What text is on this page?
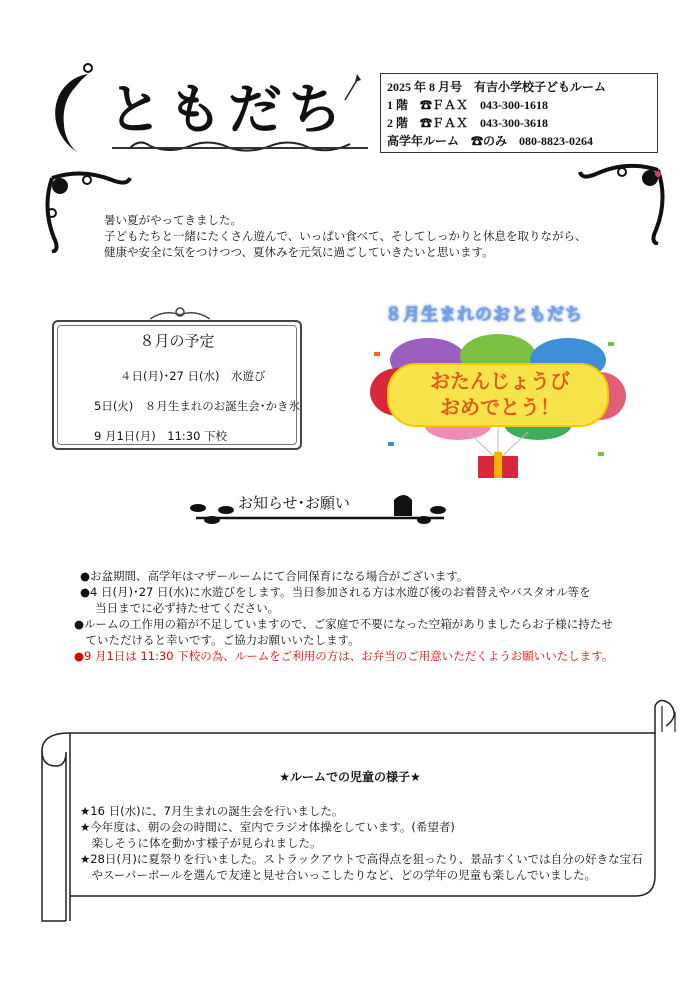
★
ともだち	2025 年 8 月号　有吉小学校子どもルーム
1 階　☎ＦＡＸ　043-300-1618
2 階　☎ＦＡＸ　043-300-3618
高学年ルーム　☎のみ　080-8823-0264
暑い夏がやってきました。
子どもたちと一緒にたくさん遊んで、いっぱい食べて、そしてしっかりと休息を取りながら、
健康や安全に気をつけつつ、夏休みを元気に過ごしていきたいと思います。
８月の予定
４日(月)･27 日(水)　水遊び
5日(火)　８月生まれのお誕生会･かき氷
9 月1日(月)　11:30 下校
８月生まれのおともだち
おたんじょうび
おめでとう！
お知らせ･お願い
●お盆期間、高学年はマザールームにて合同保育になる場合がございます。
●4 日(月)･27 日(水)に水遊びをします。当日参加される方は水遊び後のお着替えやバスタオル等を
　 当日までに必ず持たせてください。
●ルームの工作用の箱が不足していますので、ご家庭で不要になった空箱がありましたらお子様に持たせ
　ていただけると幸いです。ご協力お願いいたします。
●9 月1日は 11:30 下校の為、ルームをご利用の方は、お弁当のご用意いただくようお願いいたします。
★ルームでの児童の様子★
★16 日(水)に、7月生まれの誕生会を行いました。
★今年度は、朝の会の時間に、室内でラジオ体操をしています。(希望者)
　楽しそうに体を動かす様子が見られました。
★28日(月)に夏祭りを行いました。ストラックアウトで高得点を狙ったり、景品すくいでは自分の好きな宝石
　やスーパーボールを選んで友達と見せ合いっこしたりなど、どの学年の児童も楽しんでいました。
